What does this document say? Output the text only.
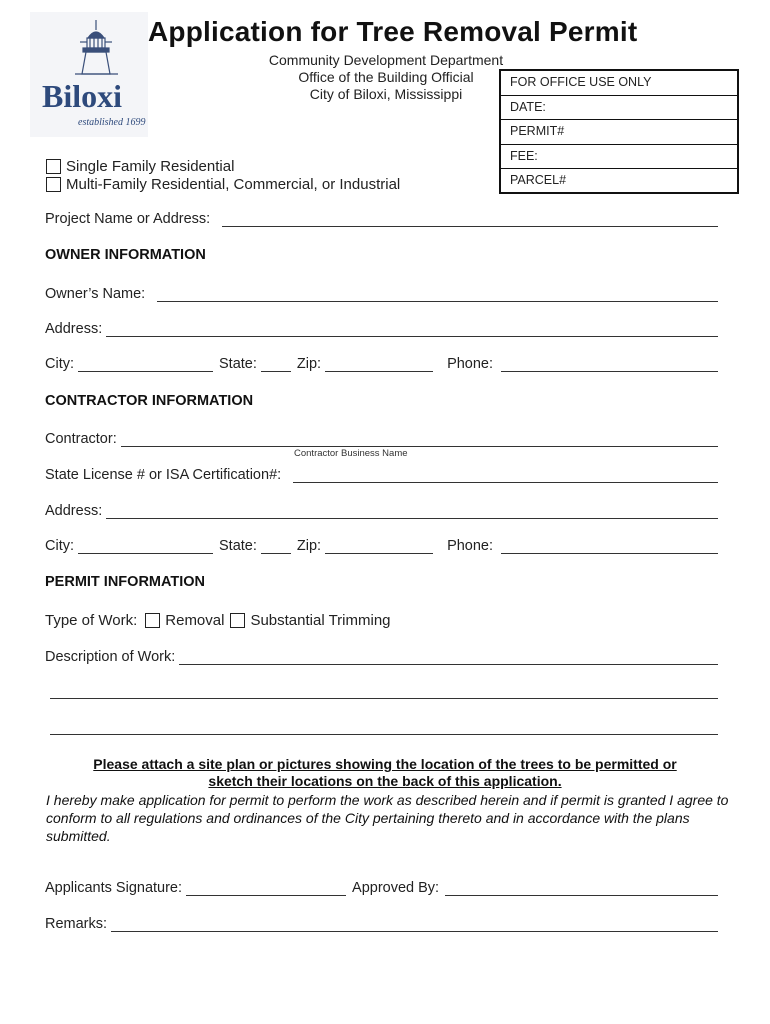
Biloxi
established 1699
Application for Tree Removal Permit
Community Development Department
Office of the Building Official
City of Biloxi, Mississippi
FOR OFFICE USE ONLY
DATE:
PERMIT#
FEE:
PARCEL#
Single Family Residential
Multi-Family Residential, Commercial, or Industrial
Project Name or Address:
OWNER INFORMATION
Owner’s Name:
Address:
City:	State:	Zip:	Phone:
CONTRACTOR INFORMATION
Contractor:
Contractor Business Name
State License # or ISA Certification#:
Address:
City:	State:	Zip:	Phone:
PERMIT INFORMATION
Type of Work: Removal Substantial Trimming
Description of Work:
Please attach a site plan or pictures showing the location of the trees to be permitted or
sketch their locations on the back of this application.
I hereby make application for permit to perform the work as described herein and if permit is granted I agree to conform to all regulations and ordinances of the City pertaining thereto and in accordance with the plans submitted.
Applicants Signature:	Approved By:
Remarks:
